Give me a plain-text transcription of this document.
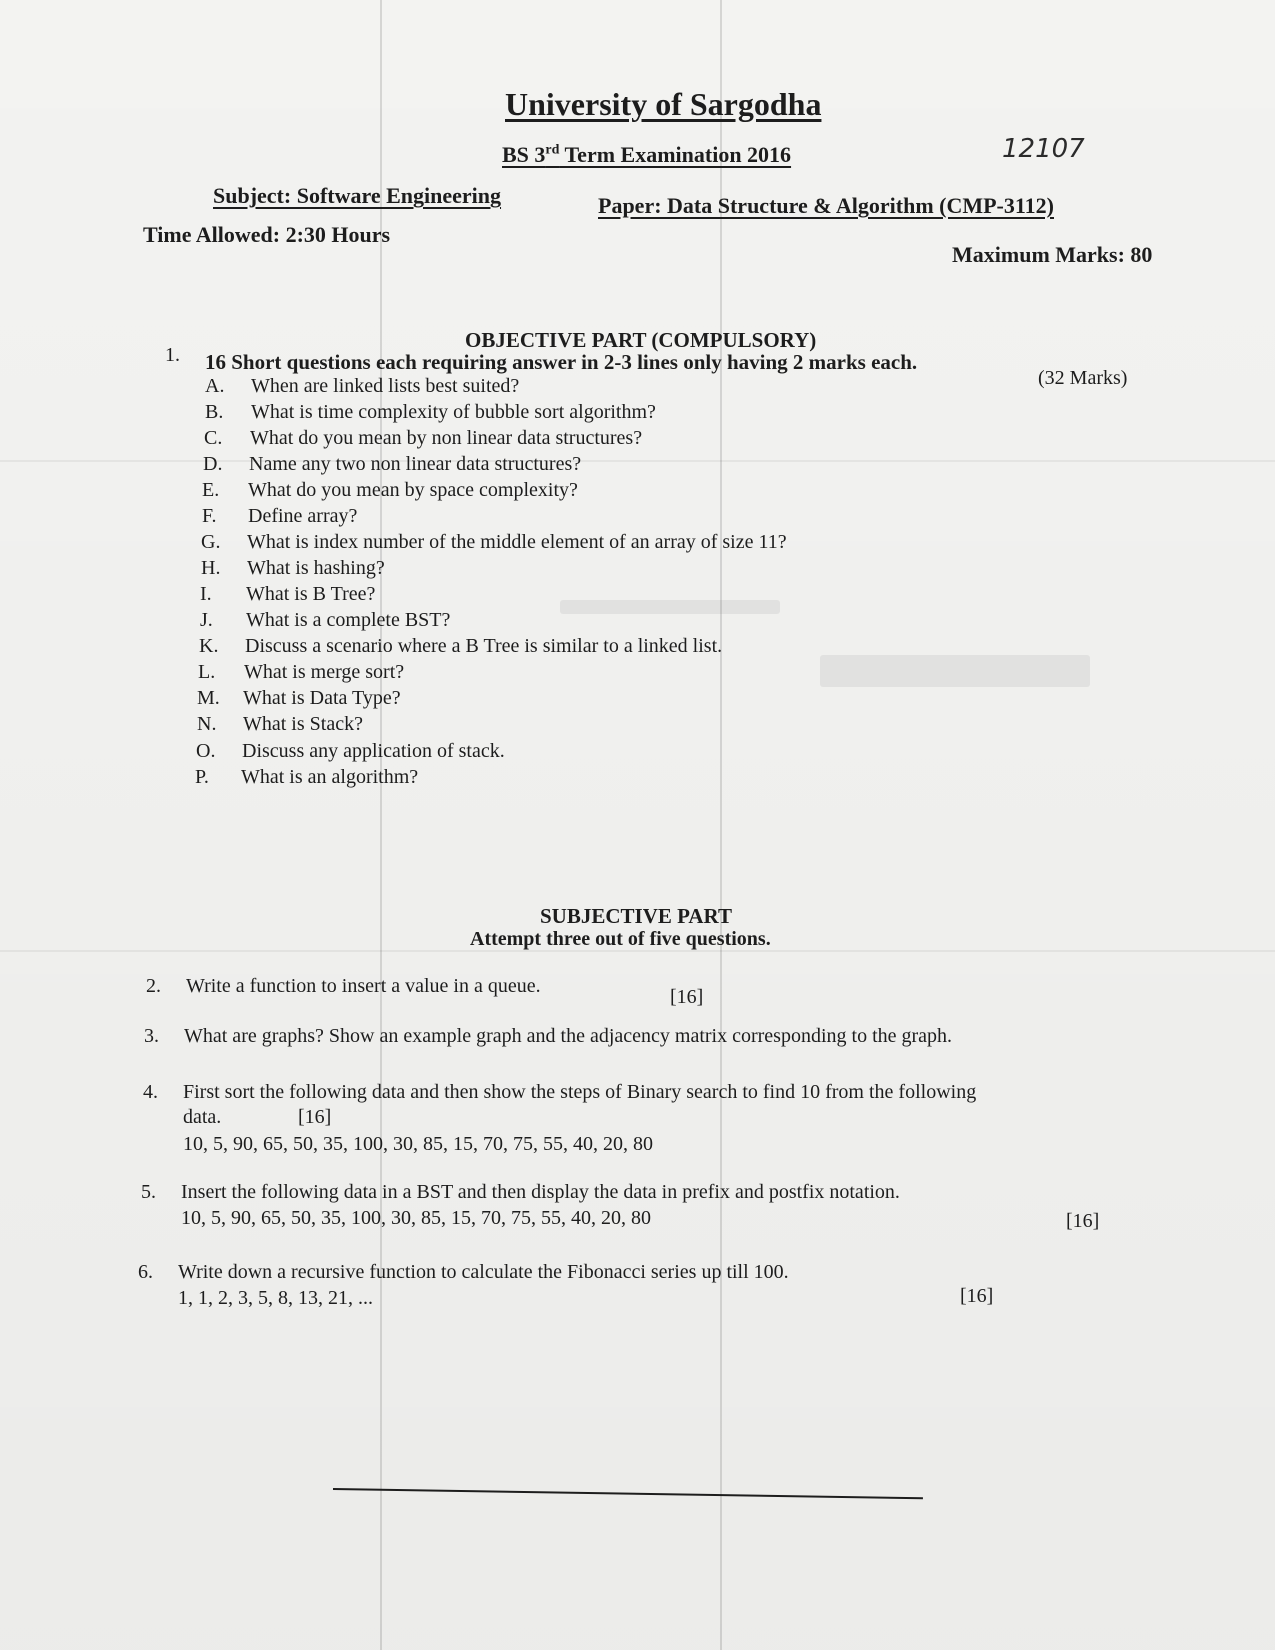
University of Sargodha
BS 3rd Term Examination 2016	12107
Subject: Software Engineering	Paper: Data Structure & Algorithm (CMP-3112)
Time Allowed: 2:30 Hours
Maximum Marks: 80
OBJECTIVE PART (COMPULSORY)
1. 16 Short questions each requiring answer in 2-3 lines only having 2 marks each.
(32 Marks)
A.	When are linked lists best suited?
B.	What is time complexity of bubble sort algorithm?
C.	What do you mean by non linear data structures?
D.	Name any two non linear data structures?
E.	What do you mean by space complexity?
F.	Define array?
G.	What is index number of the middle element of an array of size 11?
H.	What is hashing?
I.	What is B Tree?
J.	What is a complete BST?
K.	Discuss a scenario where a B Tree is similar to a linked list.
L.	What is merge sort?
M.	What is Data Type?
N.	What is Stack?
O.	Discuss any application of stack.
P.	What is an algorithm?
SUBJECTIVE PART
Attempt three out of five questions.
2.	Write a function to insert a value in a queue.	[16]
3.	What are graphs? Show an example graph and the adjacency matrix corresponding to the graph.
4.	First sort the following data and then show the steps of Binary search to find 10 from the following
data.
10, 5, 90, 65, 50, 35, 100, 30, 85, 15, 70, 75, 55, 40, 20, 80
[16]
5.	Insert the following data in a BST and then display the data in prefix and postfix notation.
10, 5, 90, 65, 50, 35, 100, 30, 85, 15, 70, 75, 55, 40, 20, 80	[16]
6.	Write down a recursive function to calculate the Fibonacci series up till 100.
1, 1, 2, 3, 5, 8, 13, 21, ...	[16]
